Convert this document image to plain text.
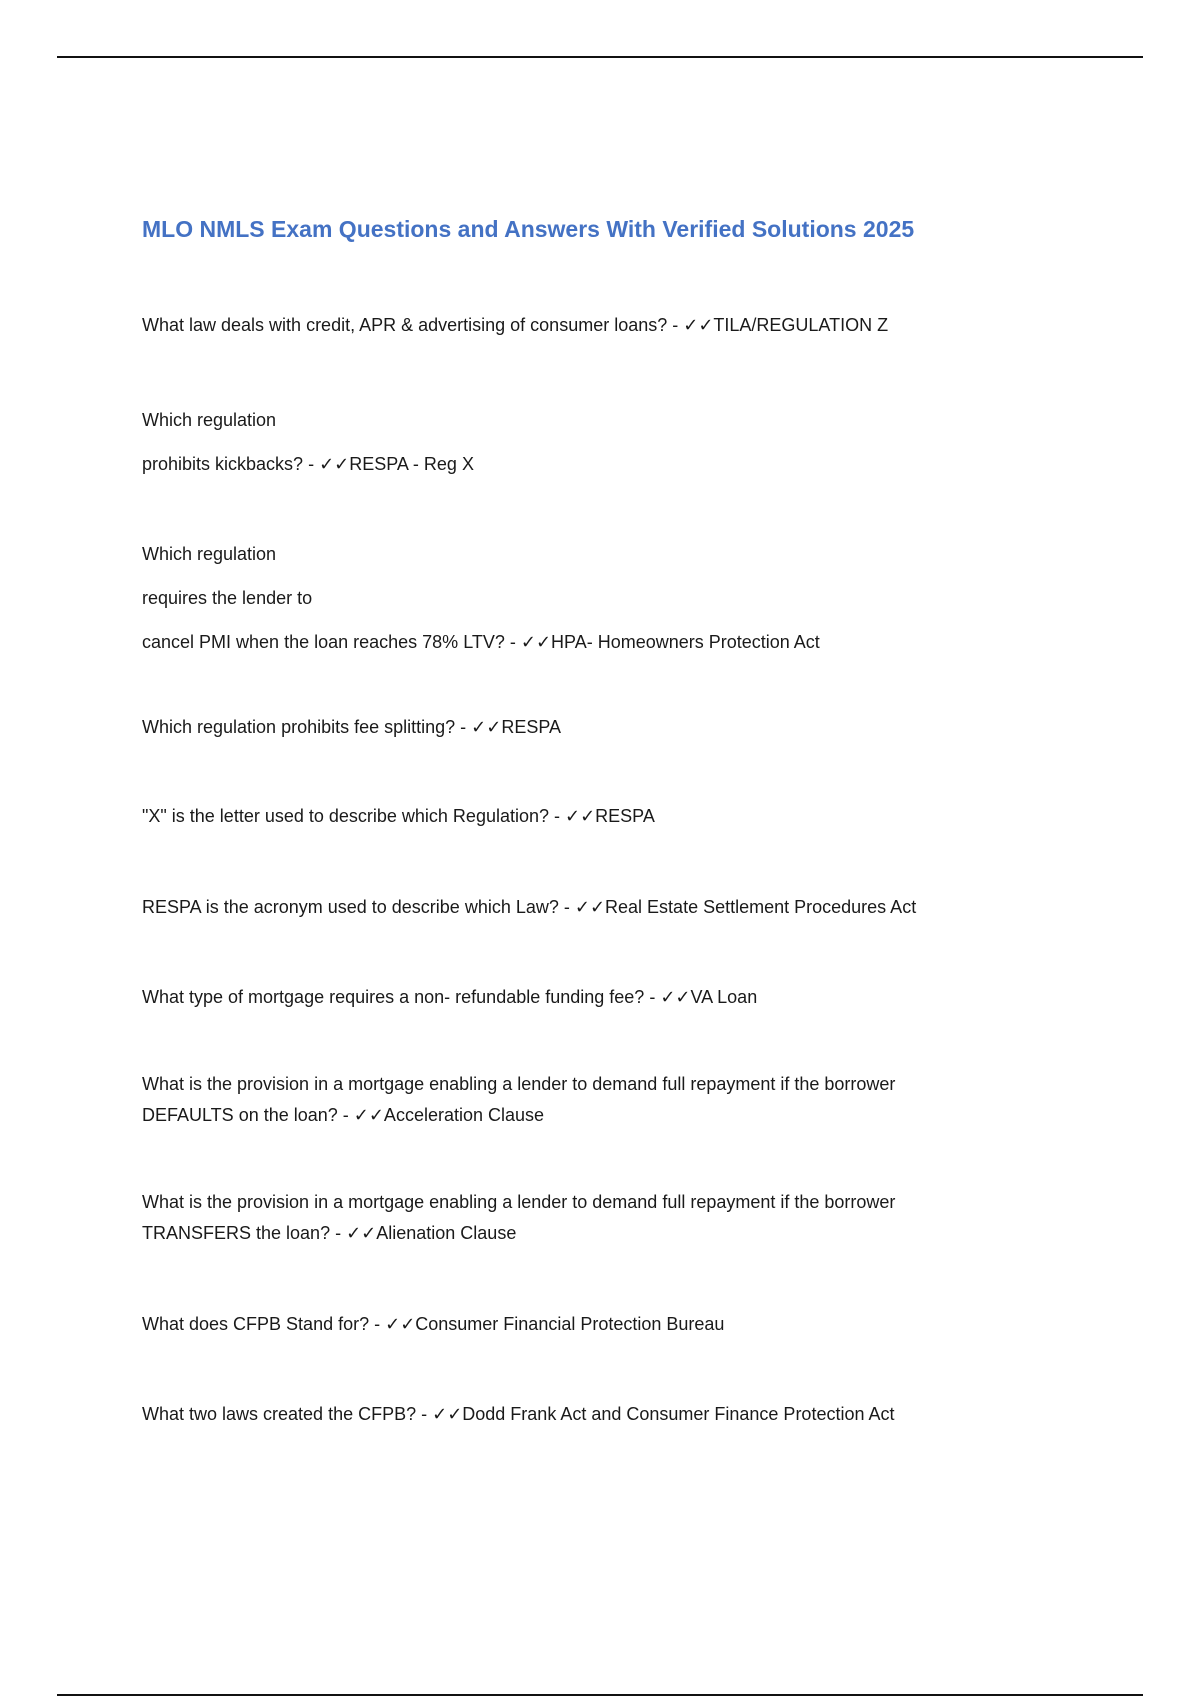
MLO NMLS Exam Questions and Answers With Verified Solutions 2025
What law deals with credit, APR & advertising of consumer loans? - ✓✓TILA/REGULATION Z
Which regulation
prohibits kickbacks? - ✓✓RESPA - Reg X
Which regulation
requires the lender to
cancel PMI when the loan reaches 78% LTV? - ✓✓HPA- Homeowners Protection Act
Which regulation prohibits fee splitting? - ✓✓RESPA
"X" is the letter used to describe which Regulation? - ✓✓RESPA
RESPA is the acronym used to describe which Law? - ✓✓Real Estate Settlement Procedures Act
What type of mortgage requires a non- refundable funding fee? - ✓✓VA Loan
What is the provision in a mortgage enabling a lender to demand full repayment if the borrower
DEFAULTS on the loan? - ✓✓Acceleration Clause
What is the provision in a mortgage enabling a lender to demand full repayment if the borrower
TRANSFERS the loan? - ✓✓Alienation Clause
What does CFPB Stand for? - ✓✓Consumer Financial Protection Bureau
What two laws created the CFPB? - ✓✓Dodd Frank Act and Consumer Finance Protection Act
